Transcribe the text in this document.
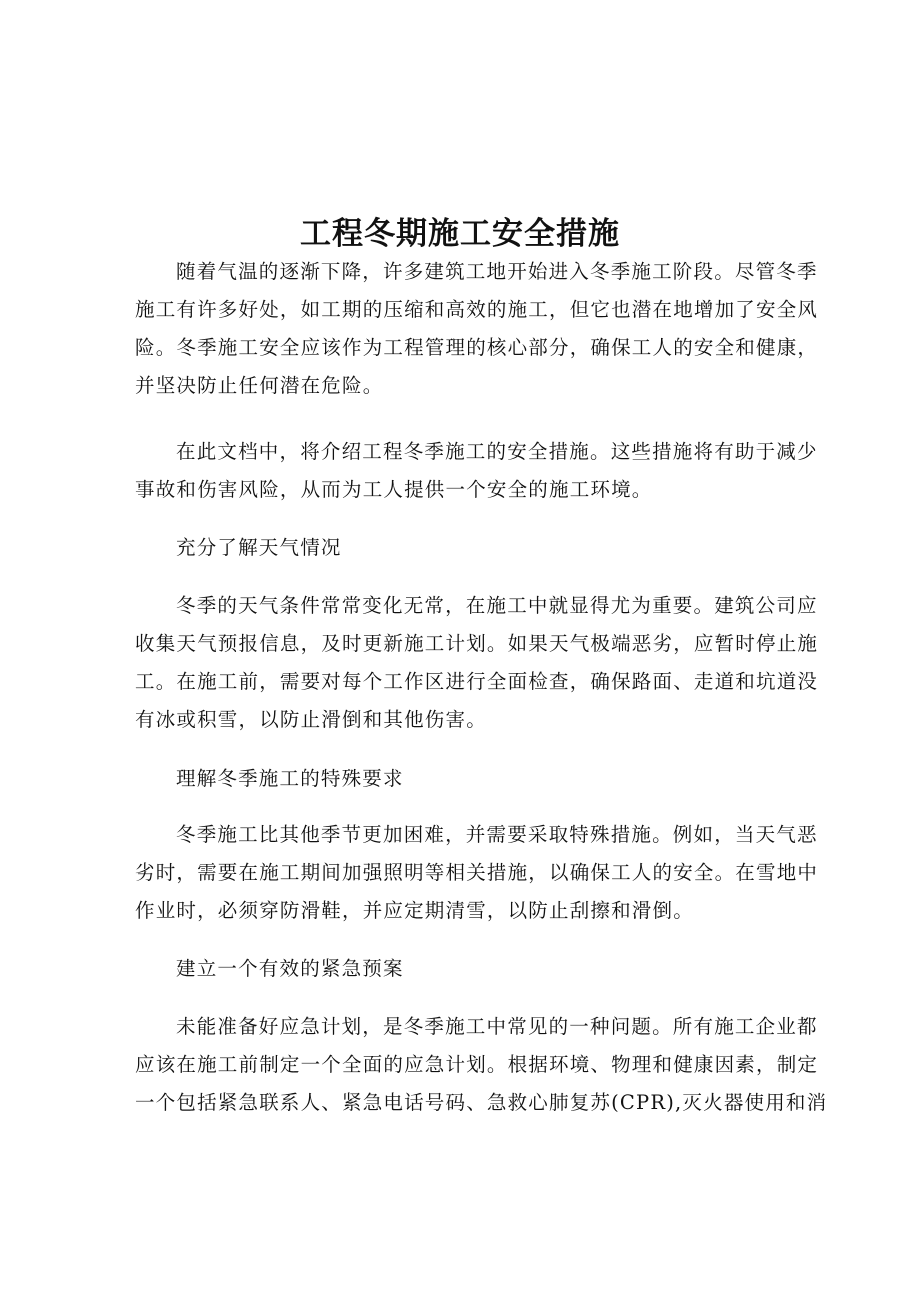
工程冬期施工安全措施
随着气温的逐渐下降，许多建筑工地开始进入冬季施工阶段。尽管冬季
施工有许多好处，如工期的压缩和高效的施工，但它也潜在地增加了安全风
险。冬季施工安全应该作为工程管理的核心部分，确保工人的安全和健康，
并坚决防止任何潜在危险。
在此文档中，将介绍工程冬季施工的安全措施。这些措施将有助于减少
事故和伤害风险，从而为工人提供一个安全的施工环境。
充分了解天气情况
冬季的天气条件常常变化无常，在施工中就显得尤为重要。建筑公司应
收集天气预报信息，及时更新施工计划。如果天气极端恶劣，应暂时停止施
工。在施工前，需要对每个工作区进行全面检查，确保路面、走道和坑道没
有冰或积雪，以防止滑倒和其他伤害。
理解冬季施工的特殊要求
冬季施工比其他季节更加困难，并需要采取特殊措施。例如，当天气恶
劣时，需要在施工期间加强照明等相关措施，以确保工人的安全。在雪地中
作业时，必须穿防滑鞋，并应定期清雪，以防止刮擦和滑倒。
建立一个有效的紧急预案
未能准备好应急计划，是冬季施工中常见的一种问题。所有施工企业都
应该在施工前制定一个全面的应急计划。根据环境、物理和健康因素，制定
一个包括紧急联系人、紧急电话号码、急救心肺复苏(CPR),灭火器使用和消
